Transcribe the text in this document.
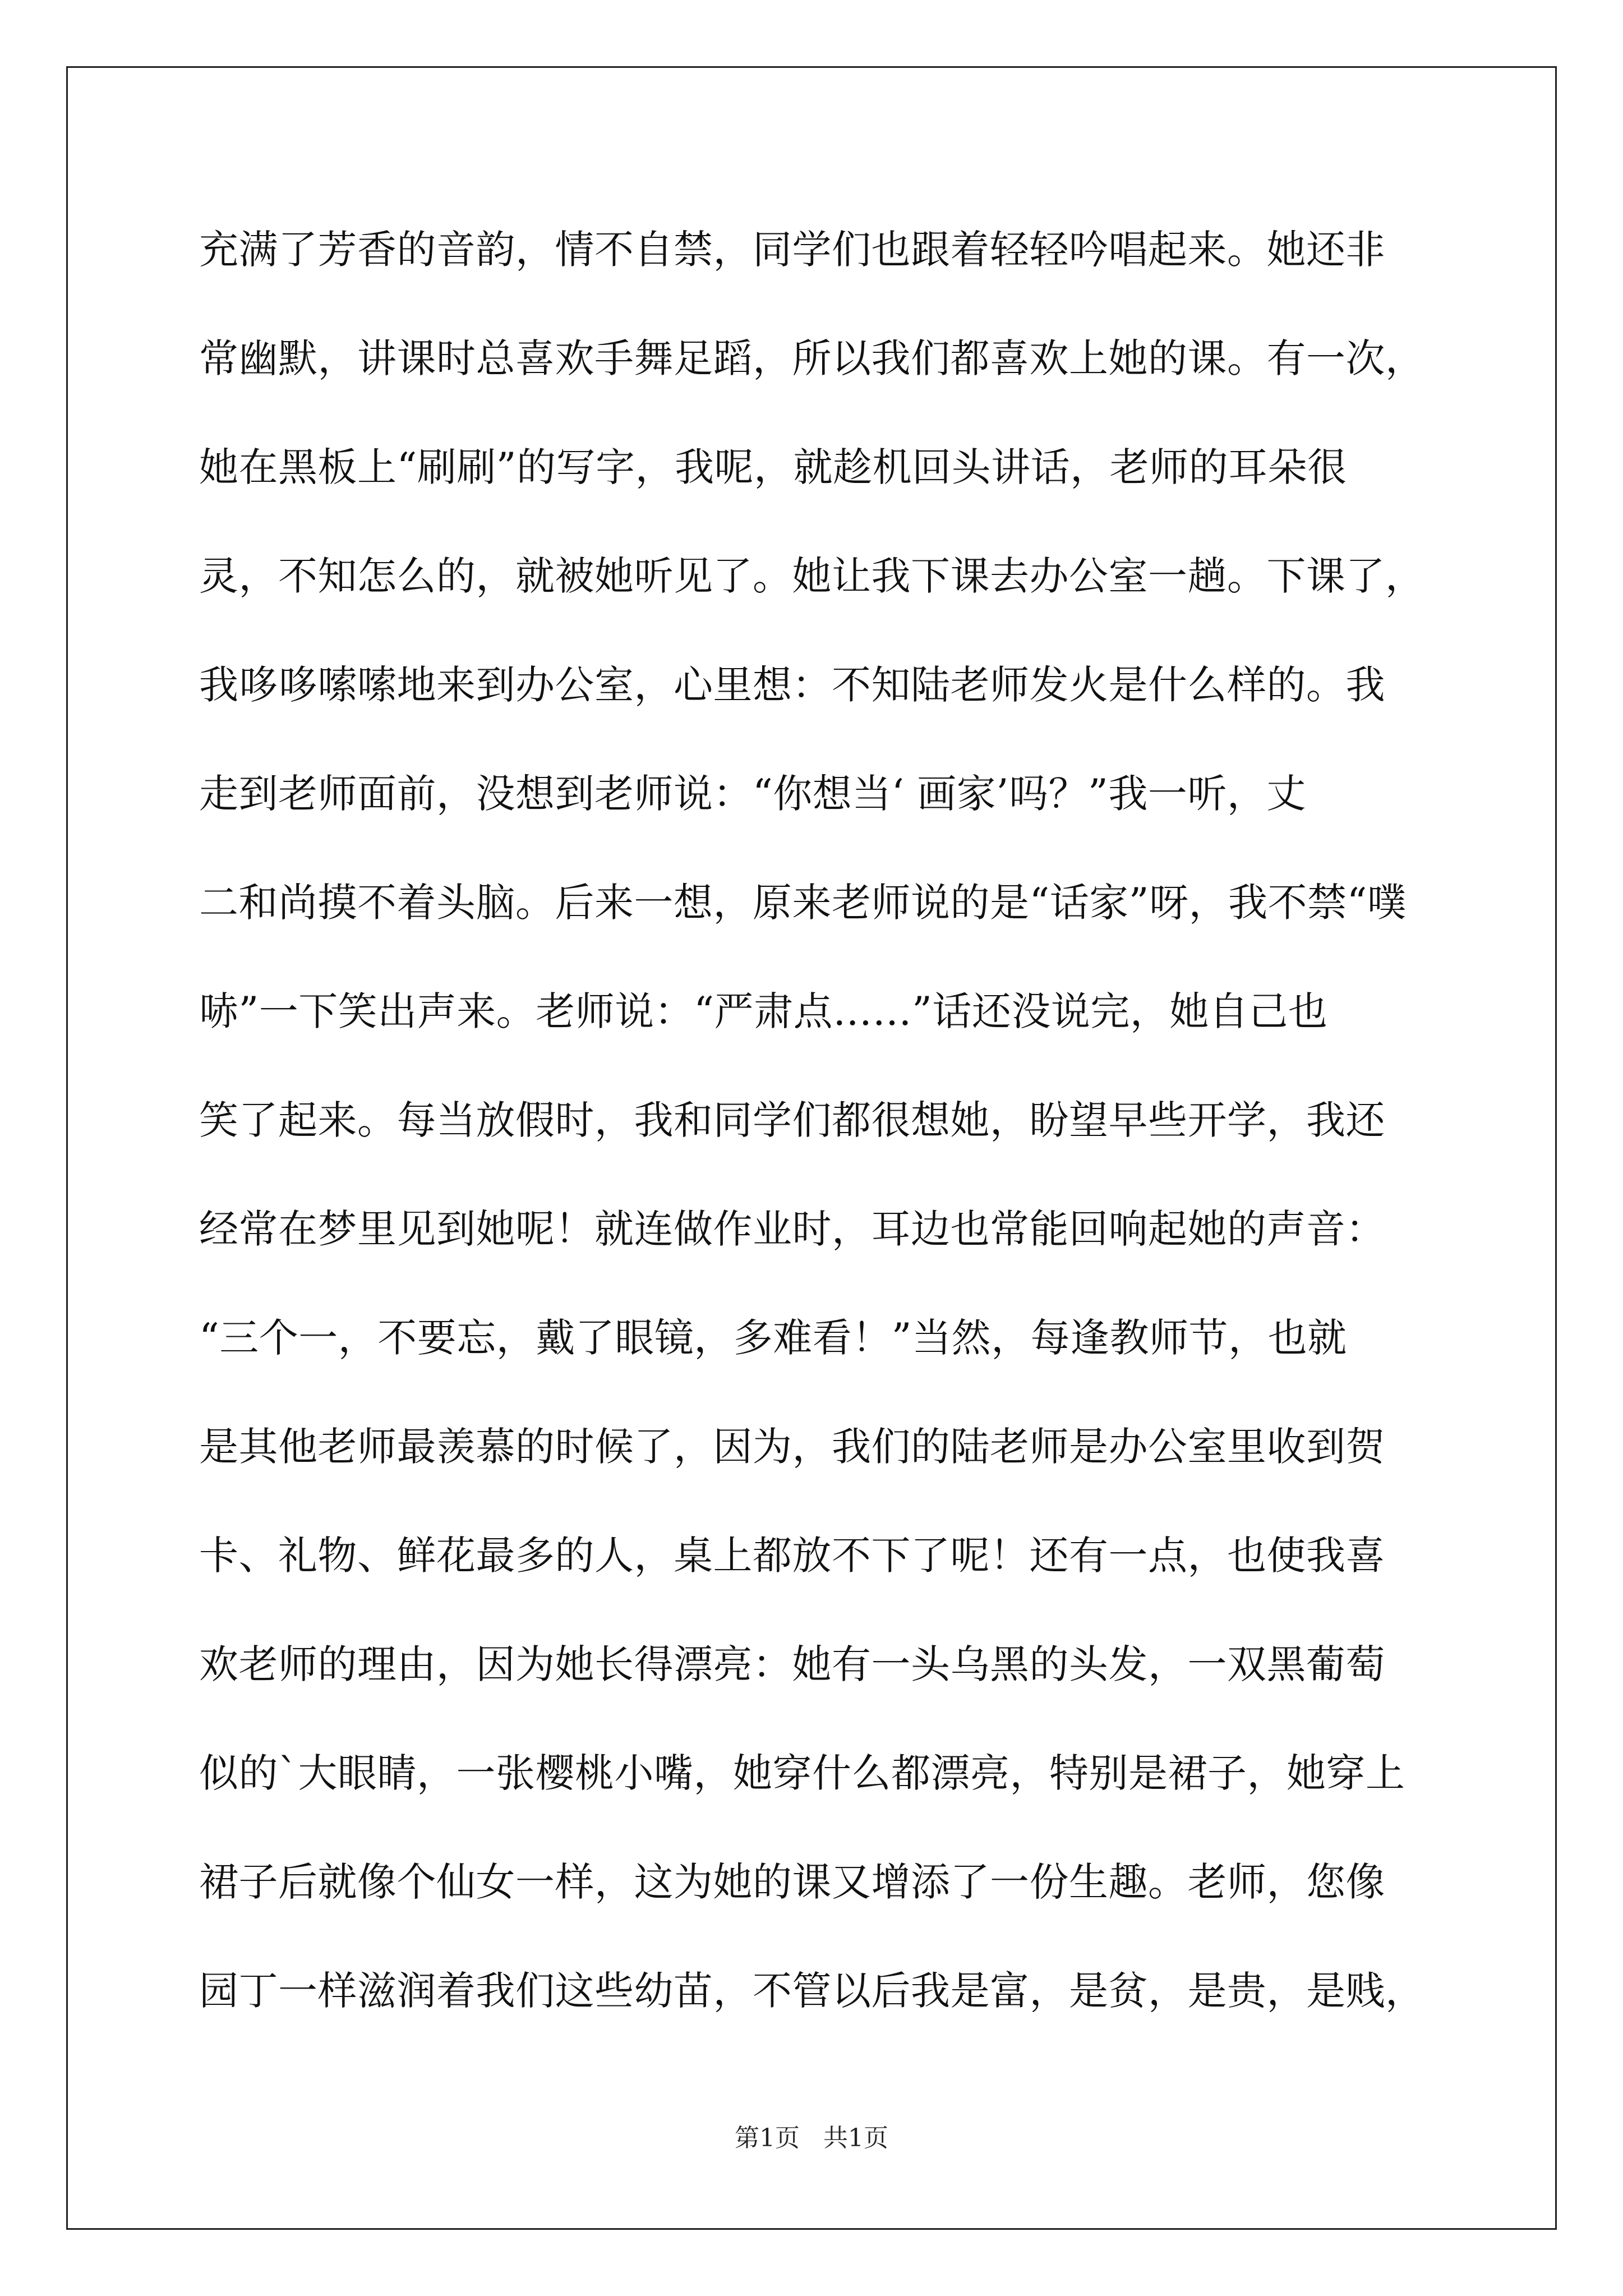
充满了芳香的音韵，情不自禁，同学们也跟着轻轻吟唱起来。她还非
常幽默，讲课时总喜欢手舞足蹈，所以我们都喜欢上她的课。有一次，
她在黑板上“刷刷”的写字，我呢，就趁机回头讲话，老师的耳朵很
灵，不知怎么的，就被她听见了。她让我下课去办公室一趟。下课了，
我哆哆嗦嗦地来到办公室，心里想：不知陆老师发火是什么样的。我
走到老师面前，没想到老师说：“你想当‘ 画家’吗？”我一听，丈
二和尚摸不着头脑。后来一想，原来老师说的是“话家”呀，我不禁“噗
哧”一下笑出声来。老师说：“严肃点……”话还没说完，她自己也
笑了起来。每当放假时，我和同学们都很想她，盼望早些开学，我还
经常在梦里见到她呢！就连做作业时，耳边也常能回响起她的声音：
“三个一，不要忘，戴了眼镜，多难看！”当然，每逢教师节，也就
是其他老师最羡慕的时候了，因为，我们的陆老师是办公室里收到贺
卡、礼物、鲜花最多的人，桌上都放不下了呢！还有一点，也使我喜
欢老师的理由，因为她长得漂亮：她有一头乌黑的头发，一双黑葡萄
似的`大眼睛，一张樱桃小嘴，她穿什么都漂亮，特别是裙子，她穿上
裙子后就像个仙女一样，这为她的课又增添了一份生趣。老师，您像
园丁一样滋润着我们这些幼苗，不管以后我是富，是贫，是贵，是贱，
第1页   共1页
